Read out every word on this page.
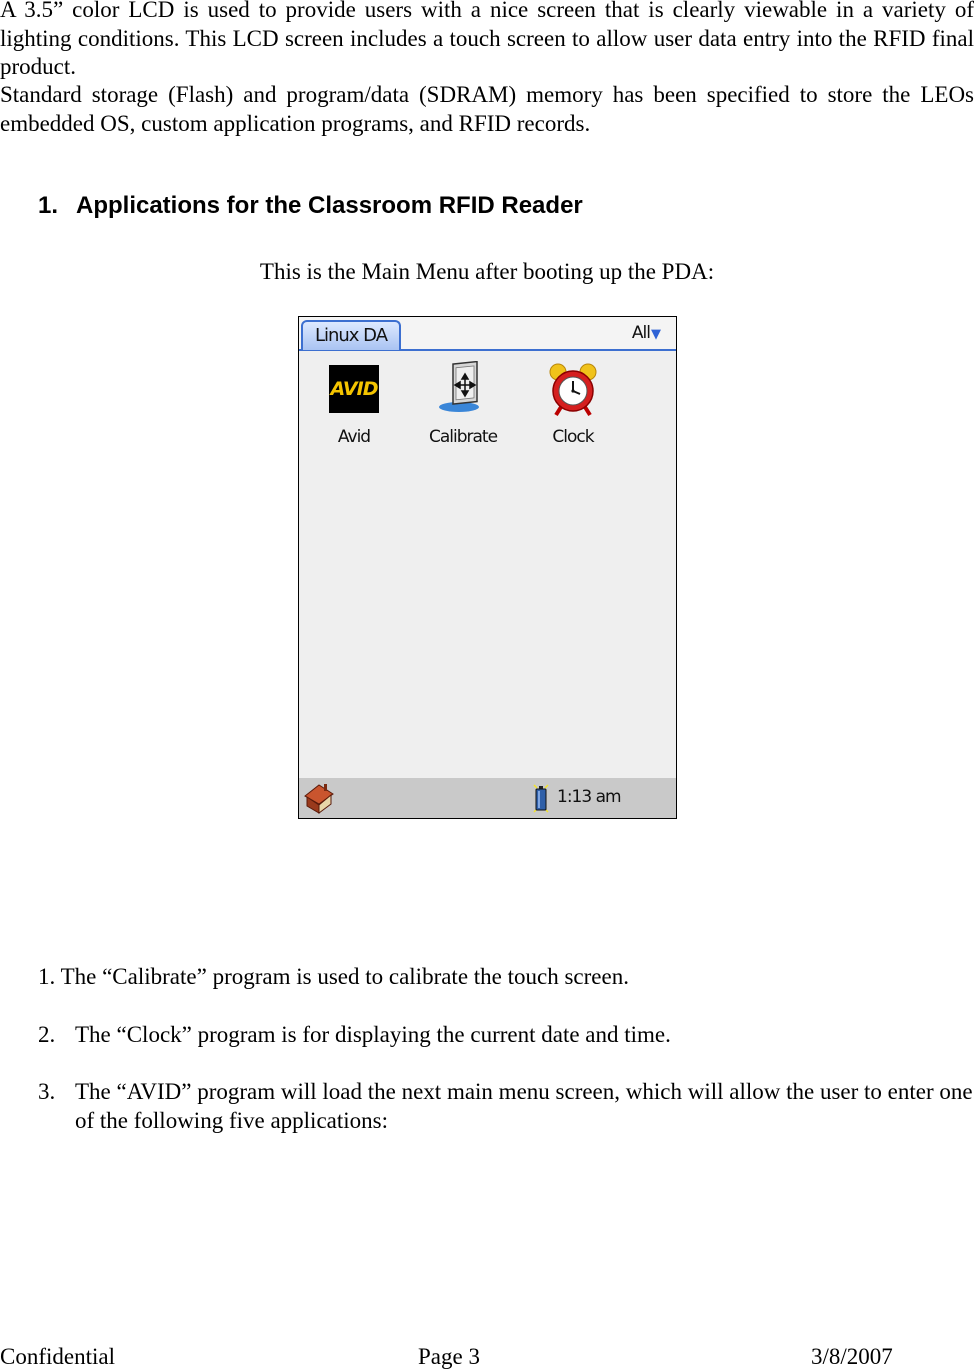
A 3.5” color LCD is used to provide users with a nice screen that is clearly viewable in a variety of lighting conditions. This LCD screen includes a touch screen to allow user data entry into the RFID final product.

Standard storage (Flash) and program/data (SDRAM) memory has been specified to store the LEOs embedded OS, custom application programs, and RFID records.

1. Applications for the Classroom RFID Reader

This is the Main Menu after booting up the PDA:

Linux DA	All▼
AVID
Avid	Calibrate	Clock
1:13 am

1. The “Calibrate” program is used to calibrate the touch screen.

2. The “Clock” program is for displaying the current date and time.
3. The “AVID” program will load the next main menu screen, which will allow the user to enter one of the following five applications:
Confidential	Page 3	3/8/2007
